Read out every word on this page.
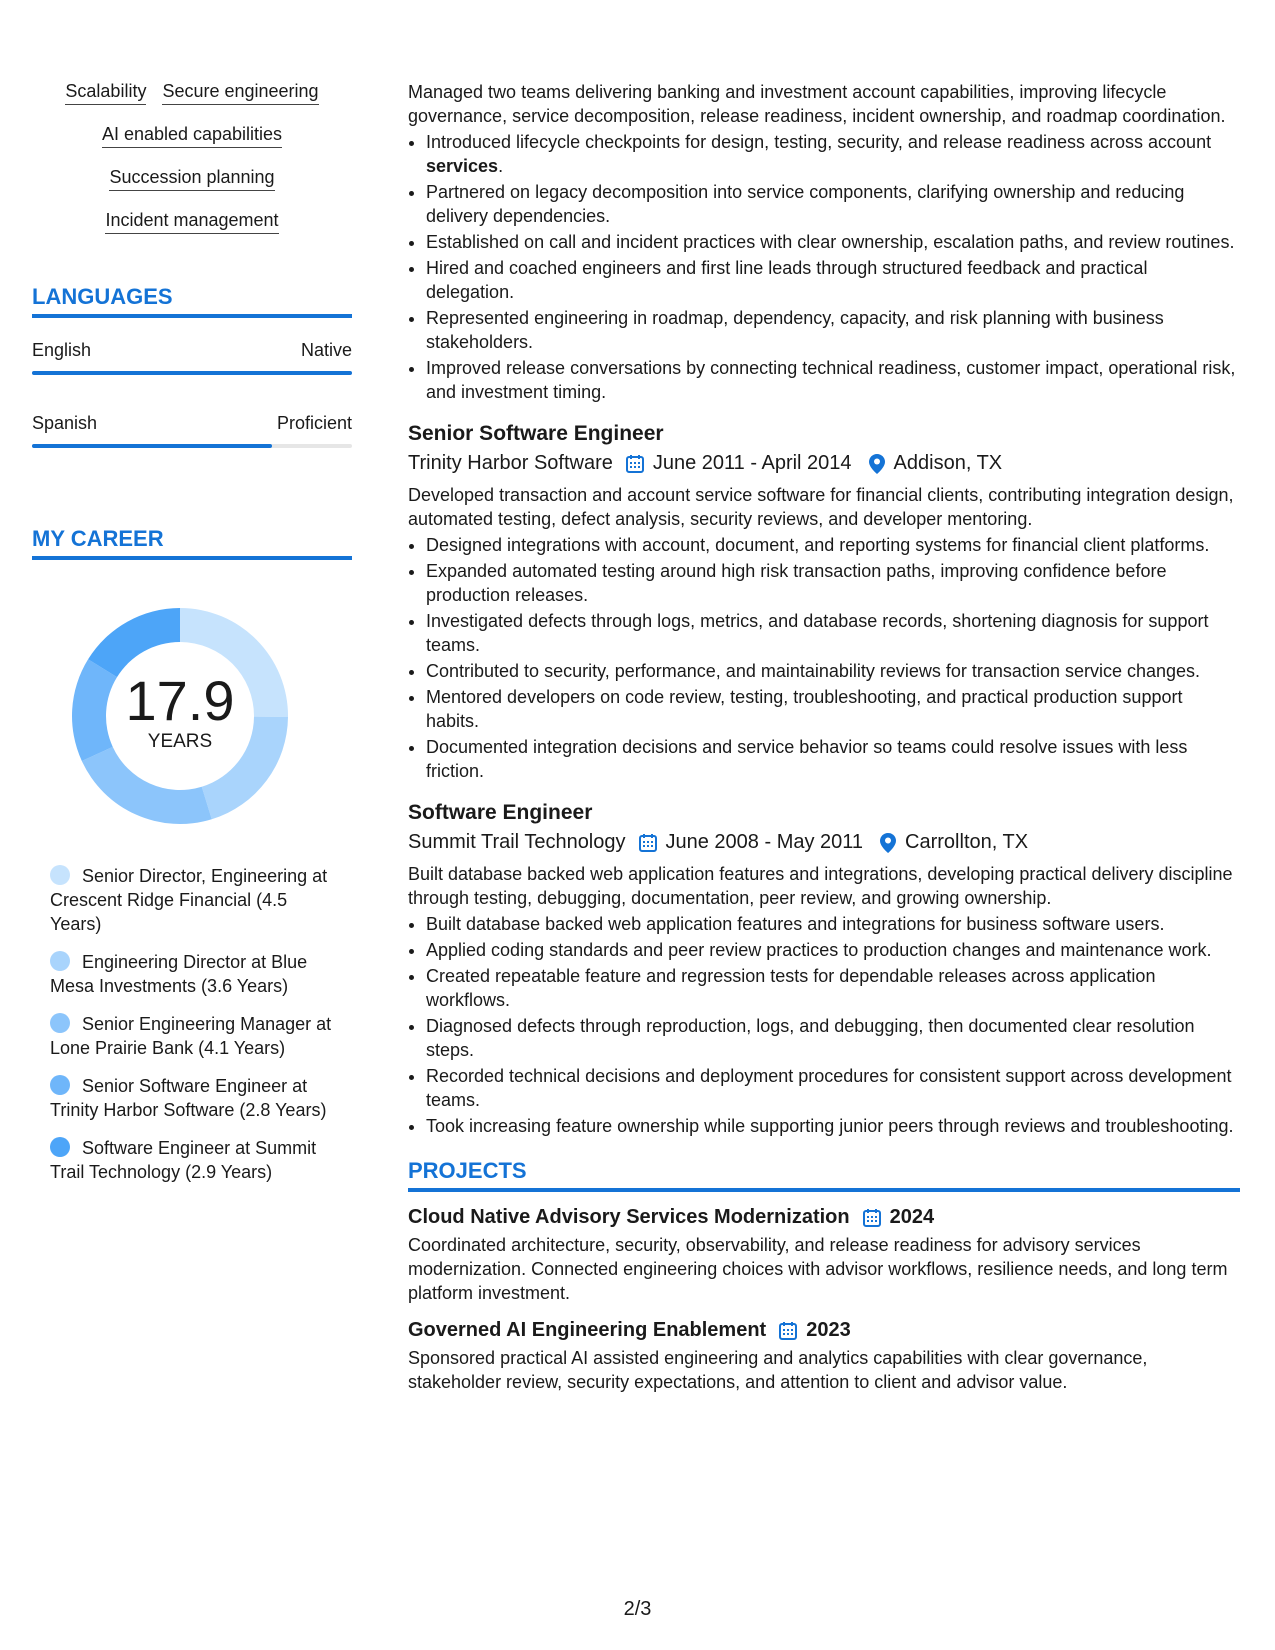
Scalability Secure engineering
AI enabled capabilities
Succession planning
Incident management
LANGUAGES
English	Native
Spanish	Proficient
MY CAREER
17.9
YEARS
Senior Director, Engineering at Crescent Ridge Financial (4.5 Years)
Engineering Director at Blue Mesa Investments (3.6 Years)
Senior Engineering Manager at Lone Prairie Bank (4.1 Years)
Senior Software Engineer at Trinity Harbor Software (2.8 Years)
Software Engineer at Summit Trail Technology (2.9 Years)

Managed two teams delivering banking and investment account capabilities, improving lifecycle governance, service decomposition, release readiness, incident ownership, and roadmap coordination.

• Introduced lifecycle checkpoints for design, testing, security, and release readiness across account services.
• Partnered on legacy decomposition into service components, clarifying ownership and reducing delivery dependencies.
• Established on call and incident practices with clear ownership, escalation paths, and review routines.
• Hired and coached engineers and first line leads through structured feedback and practical delegation.
• Represented engineering in roadmap, dependency, capacity, and risk planning with business stakeholders.
• Improved release conversations by connecting technical readiness, customer impact, operational risk, and investment timing.
Senior Software Engineer
Trinity Harbor Software June 2011 - April 2014 Addison, TX

Developed transaction and account service software for financial clients, contributing integration design, automated testing, defect analysis, security reviews, and developer mentoring.

• Designed integrations with account, document, and reporting systems for financial client platforms.
• Expanded automated testing around high risk transaction paths, improving confidence before production releases.
• Investigated defects through logs, metrics, and database records, shortening diagnosis for support teams.
• Contributed to security, performance, and maintainability reviews for transaction service changes.
• Mentored developers on code review, testing, troubleshooting, and practical production support habits.
• Documented integration decisions and service behavior so teams could resolve issues with less friction.
Software Engineer
Summit Trail Technology June 2008 - May 2011 Carrollton, TX

Built database backed web application features and integrations, developing practical delivery discipline through testing, debugging, documentation, peer review, and growing ownership.

• Built database backed web application features and integrations for business software users.
• Applied coding standards and peer review practices to production changes and maintenance work.
• Created repeatable feature and regression tests for dependable releases across application workflows.
• Diagnosed defects through reproduction, logs, and debugging, then documented clear resolution steps.
• Recorded technical decisions and deployment procedures for consistent support across development teams.
• Took increasing feature ownership while supporting junior peers through reviews and troubleshooting.
PROJECTS
Cloud Native Advisory Services Modernization 2024

Coordinated architecture, security, observability, and release readiness for advisory services modernization. Connected engineering choices with advisor workflows, resilience needs, and long term platform investment.

Governed AI Engineering Enablement 2023

Sponsored practical AI assisted engineering and analytics capabilities with clear governance, stakeholder review, security expectations, and attention to client and advisor value.

2/3
